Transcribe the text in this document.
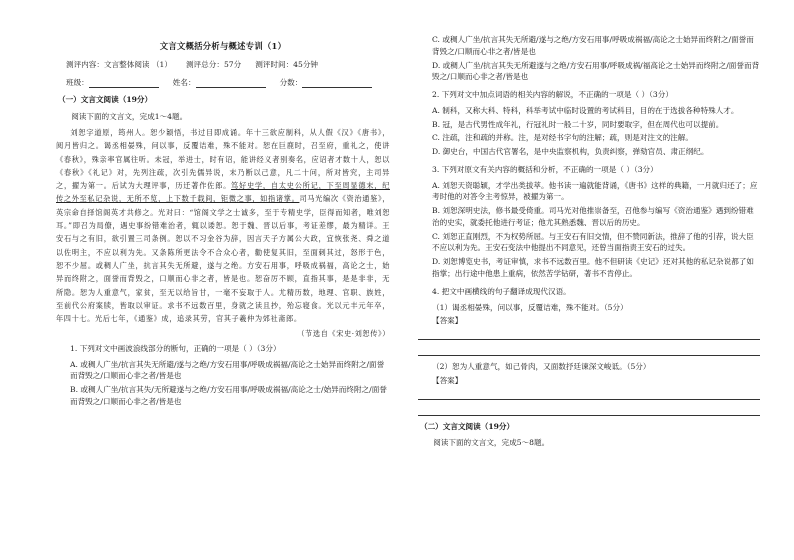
文言文概括分析与概述专训（1）
测评内容：文言整体阅读 （1） 测评总分：57分 测评时间：45分钟
班级：	姓名：	分数：
（一）文言文阅读（19分）
阅读下面的文言文，完成1～4题。

刘恕字道原，筠州人。恕少颖悟，书过目即成诵。年十三欲应制科，从人假《汉》《唐书》，阅月皆归之。谒丞相晏殊，问以事，反覆诘难，殊不能对。恕在巨鹿时，召至府，重礼之，使讲《春秋》，殊亲率官属往听。未冠，举进士，时有诏，能讲经义者别奏名，应诏者才数十人，恕以《春秋》《礼记》对，先列注疏，次引先儒异说，末乃断以己意，凡二十问，所对皆究，主司异之，擢为第一。后试为大理评事，历迁著作佐郎。笃好史学，自太史公所记，下至周显德末，纪传之外至私记杂说，无所不览，上下数千载间，钜微之事，如指诸掌。司马光编次《资治通鉴》，英宗命自择馆阁英才共修之。光对曰：“馆阁文学之士诚多，至于专精史学，臣得而知者，唯刘恕耳。”即召为局僚，遇史事纷错难治者，辄以诿恕。恕于魏、晋以后事，考证差缪，最为精详。王安石与之有旧，欲引置三司条例。恕以不习金谷为辞，因言天子方属公大政，宜恢张尧、舜之道以佐明主，不应以利为先。又条陈所更法令不合众心者，勸使复其旧，至面刺其过，怒形于色，恕不少屈。或稠人广坐，抗言其失无所避，遂与之绝。方安石用事，呼吸成祸福，高论之士，始异而终附之，面誉而背毁之，口顺而心非之者，皆是也。恕奋厉不顾，直指其事，是是非非，无所隐。恕为人重意气，家贫，至无以给旨甘，一毫不妄取于人。尤精历数，地理、官职、族姓，至前代公府案牍，皆取以审证。求书不远数百里，身就之读且抄，殆忘寝食。光以元丰元年卒，年四十七。光后七年，《通鉴》成，追录其劳，官其子羲仲为郊社斋郎。

（节选自《宋史·刘恕传》）
1. 下列对文中画波浪线部分的断句，正确的一项是（ ）（3分）
A. 或稠人广坐/抗言其失无所避/遂与之绝/方安石用事/呼吸成祸福/高论之士始异而终附之/面誉而背毁之/口顺而心非之者/皆是也
B. 或稠人广坐/抗言其失/无所避遂与之绝/方安石用事/呼吸成祸福/高论之士/始异而终附之/面誉而背毁之/口顺而心非之者/皆是也
C. 或稠人广坐/抗言其失无所避/遂与之绝/方安石用事/呼吸成祸福/高论之士始异而终附之/面誉而背毁之/口顺而心非之者/皆是也
D. 或稠人广坐/抗言其失无所避遂与之绝/方安石用事/呼吸成祸/福高论之士始异而终附之/面誉而背毁之/口顺而心非之者/皆是也
2. 下列对文中加点词语的相关内容的解说，不正确的一项是（ ）（3分）
A. 制科，又称大科、特科，科举考试中临时设置的考试科目，目的在于选拔各种特殊人才。
B. 冠，是古代男性成年礼，行冠礼时一般二十岁，同时要取字，但在周代也可以提前。
C. 注疏，注和疏的并称。注，是对经书字句的注解；疏，则是对注文的注解。
D. 御史台，中国古代官署名，是中央监察机构，负责纠察，弹劾官员、肃正纲纪。
3. 下列对原文有关内容的概括和分析，不正确的一项是（ ）（3分）
A. 刘恕天资聪颖，才学出类拔萃。他书读一遍就能背诵，《唐书》这样的典籍，一月就归还了；应考时他的对答令主考惊异，被擢为第一。
B. 刘恕深明史法，修书最受倚重。司马光对他推崇备至，召他参与编写《资治通鉴》遇到纷错难治的史实，就委托他进行考证；他尤其熟悉魏、晋以后的历史。
C. 刘恕正直刚烈，不为权势所屈。与王安石有旧交情，但不赞同新法，推辞了他的引荐，说大臣不应以利为先。王安石变法中他提出不同意见，还曾当面指责王安石的过失。
D. 刘恕博览史书，考证审慎，求书不远数百里。他不但研读《史记》还对其他的私记杂说都了如指掌；出行途中他患上重病，依然苦学钻研，著书不肯停止。
4. 把文中画横线的句子翻译成现代汉语。
（1）谒丞相晏殊，问以事，反覆诘难，殊不能对。（5分）
【答案】
（2）恕为人重意气，如己骨肉，又面数抒廷谏深文峻诋。（5分）
【答案】
（二）文言文阅读（19分）
阅读下面的文言文，完成5～8题。
